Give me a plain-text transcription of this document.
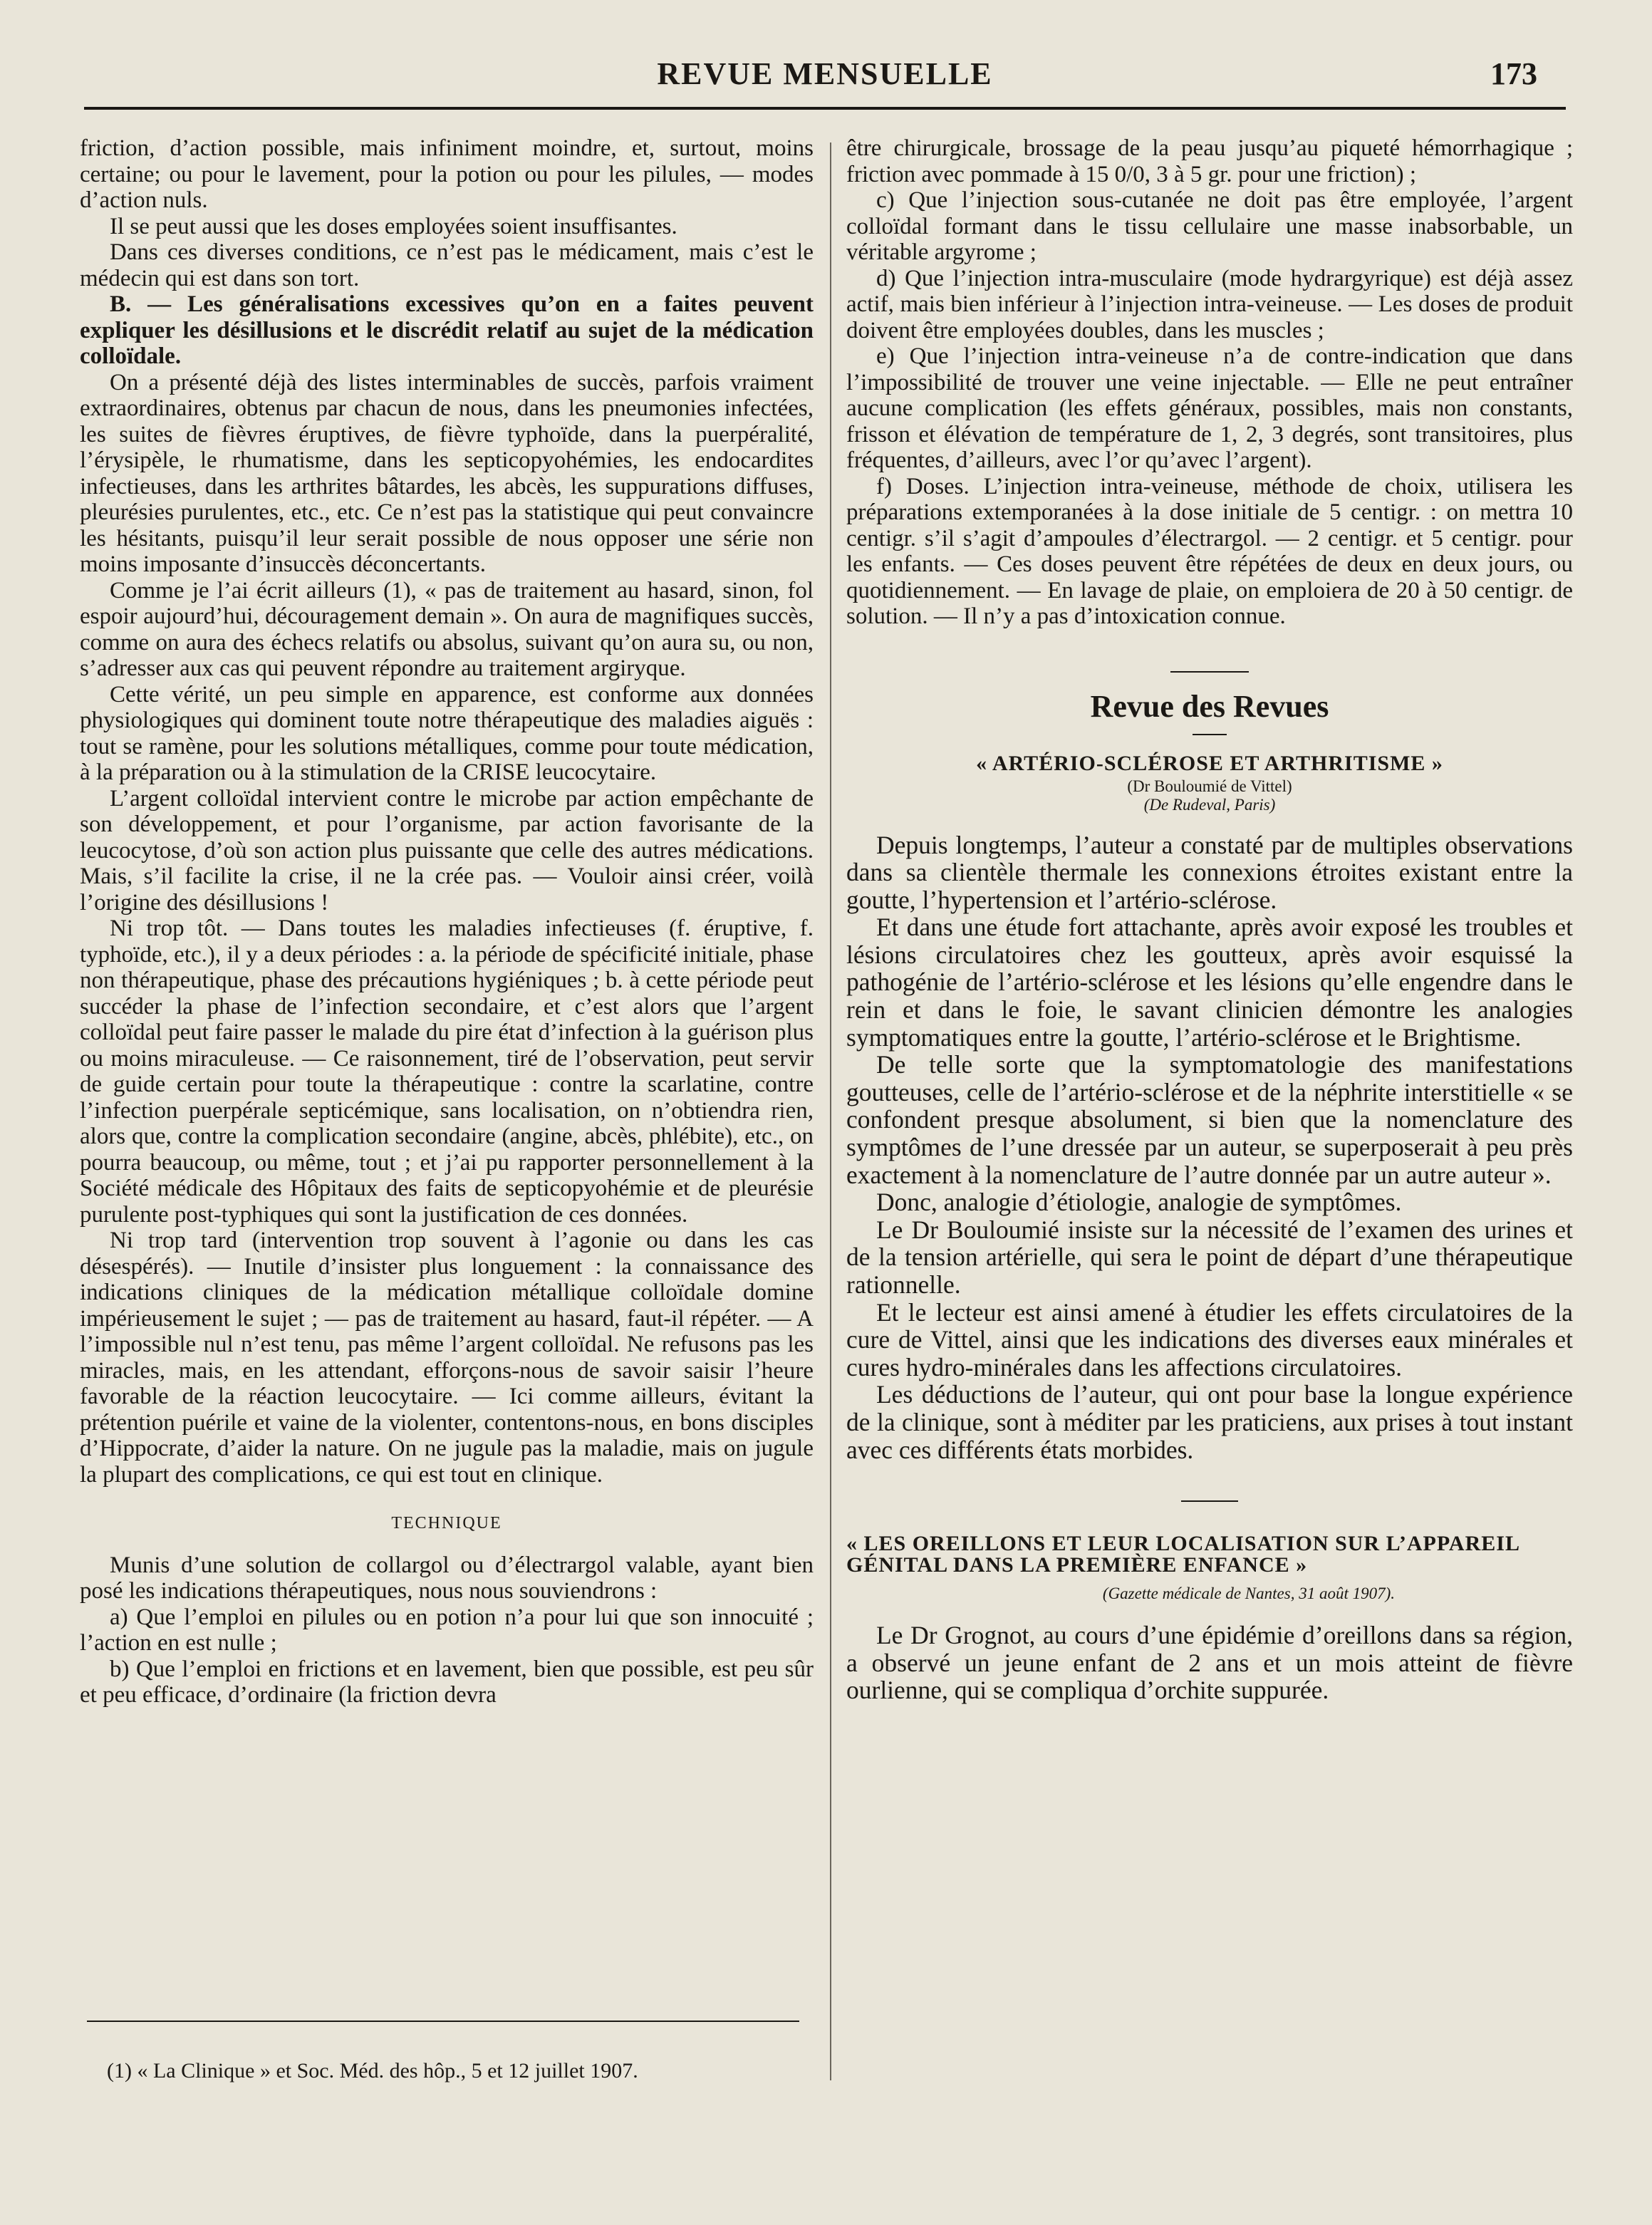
REVUE MENSUELLE	173

friction, d’action possible, mais infiniment moindre, et, surtout, moins certaine; ou pour le lavement, pour la potion ou pour les pilules, — modes d’action nuls.

Il se peut aussi que les doses employées soient insuffisantes.

Dans ces diverses conditions, ce n’est pas le médicament, mais c’est le médecin qui est dans son tort.

B. — Les généralisations excessives qu’on en a faites peuvent expliquer les désillusions et le discrédit relatif au sujet de la médication colloïdale.

On a présenté déjà des listes interminables de succès, parfois vraiment extraordinaires, obtenus par chacun de nous, dans les pneumonies infectées, les suites de fièvres éruptives, de fièvre typhoïde, dans la puerpéralité, l’érysipèle, le rhumatisme, dans les septicopyohémies, les endocardites infectieuses, dans les arthrites bâtardes, les abcès, les suppurations diffuses, pleurésies purulentes, etc., etc. Ce n’est pas la statistique qui peut convaincre les hésitants, puisqu’il leur serait possible de nous opposer une série non moins imposante d’insuccès déconcertants.

Comme je l’ai écrit ailleurs (1), « pas de traitement au hasard, sinon, fol espoir aujourd’hui, découragement demain ». On aura de magnifiques succès, comme on aura des échecs relatifs ou absolus, suivant qu’on aura su, ou non, s’adresser aux cas qui peuvent répondre au traitement argiryque.

Cette vérité, un peu simple en apparence, est conforme aux données physiologiques qui dominent toute notre thérapeutique des maladies aiguës : tout se ramène, pour les solutions métalliques, comme pour toute médication, à la préparation ou à la stimulation de la CRISE leucocytaire.

L’argent colloïdal intervient contre le microbe par action empêchante de son développement, et pour l’organisme, par action favorisante de la leucocytose, d’où son action plus puissante que celle des autres médications. Mais, s’il facilite la crise, il ne la crée pas. — Vouloir ainsi créer, voilà l’origine des désillusions !

Ni trop tôt. — Dans toutes les maladies infectieuses (f. éruptive, f. typhoïde, etc.), il y a deux périodes : a. la période de spécificité initiale, phase non thérapeutique, phase des précautions hygiéniques ; b. à cette période peut succéder la phase de l’infection secondaire, et c’est alors que l’argent colloïdal peut faire passer le malade du pire état d’infection à la guérison plus ou moins miraculeuse. — Ce raisonnement, tiré de l’observation, peut servir de guide certain pour toute la thérapeutique : contre la scarlatine, contre l’infection puerpérale septicémique, sans localisation, on n’obtiendra rien, alors que, contre la complication secondaire (angine, abcès, phlébite), etc., on pourra beaucoup, ou même, tout ; et j’ai pu rapporter personnellement à la Société médicale des Hôpitaux des faits de septicopyohémie et de pleurésie purulente post-typhiques qui sont la justification de ces données.

Ni trop tard (intervention trop souvent à l’agonie ou dans les cas désespérés). — Inutile d’insister plus longuement : la connaissance des indications cliniques de la médication métallique colloïdale domine impérieusement le sujet ; — pas de traitement au hasard, faut-il répéter. — A l’impossible nul n’est tenu, pas même l’argent colloïdal. Ne refusons pas les miracles, mais, en les attendant, efforçons-nous de savoir saisir l’heure favorable de la réaction leucocytaire. — Ici comme ailleurs, évitant la prétention puérile et vaine de la violenter, contentons-nous, en bons disciples d’Hippocrate, d’aider la nature. On ne jugule pas la maladie, mais on jugule la plupart des complications, ce qui est tout en clinique.

TECHNIQUE

Munis d’une solution de collargol ou d’électrargol valable, ayant bien posé les indications thérapeutiques, nous nous souviendrons :

a) Que l’emploi en pilules ou en potion n’a pour lui que son innocuité ; l’action en est nulle ;

b) Que l’emploi en frictions et en lavement, bien que possible, est peu sûr et peu efficace, d’ordinaire (la friction devra

(1) « La Clinique » et Soc. Méd. des hôp., 5 et 12 juillet 1907.

être chirurgicale, brossage de la peau jusqu’au piqueté hémorrhagique ; friction avec pommade à 15 0/0, 3 à 5 gr. pour une friction) ;

c) Que l’injection sous-cutanée ne doit pas être employée, l’argent colloïdal formant dans le tissu cellulaire une masse inabsorbable, un véritable argyrome ;

d) Que l’injection intra-musculaire (mode hydrargyrique) est déjà assez actif, mais bien inférieur à l’injection intra-veineuse. — Les doses de produit doivent être employées doubles, dans les muscles ;

e) Que l’injection intra-veineuse n’a de contre-indication que dans l’impossibilité de trouver une veine injectable. — Elle ne peut entraîner aucune complication (les effets généraux, possibles, mais non constants, frisson et élévation de température de 1, 2, 3 degrés, sont transitoires, plus fréquentes, d’ailleurs, avec l’or qu’avec l’argent).

f) Doses. L’injection intra-veineuse, méthode de choix, utilisera les préparations extemporanées à la dose initiale de 5 centigr. : on mettra 10 centigr. s’il s’agit d’ampoules d’électrargol. — 2 centigr. et 5 centigr. pour les enfants. — Ces doses peuvent être répétées de deux en deux jours, ou quotidiennement. — En lavage de plaie, on emploiera de 20 à 50 centigr. de solution. — Il n’y a pas d’intoxication connue.

Revue des Revues

« ARTÉRIO-SCLÉROSE ET ARTHRITISME »

(Dr Bouloumié de Vittel)

(De Rudeval, Paris)

Depuis longtemps, l’auteur a constaté par de multiples observations dans sa clientèle thermale les connexions étroites existant entre la goutte, l’hypertension et l’artério-sclérose.

Et dans une étude fort attachante, après avoir exposé les troubles et lésions circulatoires chez les goutteux, après avoir esquissé la pathogénie de l’artério-sclérose et les lésions qu’elle engendre dans le rein et dans le foie, le savant clinicien démontre les analogies symptomatiques entre la goutte, l’artério-sclérose et le Brightisme.

De telle sorte que la symptomatologie des manifestations goutteuses, celle de l’artério-sclérose et de la néphrite interstitielle « se confondent presque absolument, si bien que la nomenclature des symptômes de l’une dressée par un auteur, se superposerait à peu près exactement à la nomenclature de l’autre donnée par un autre auteur ».

Donc, analogie d’étiologie, analogie de symptômes.

Le Dr Bouloumié insiste sur la nécessité de l’examen des urines et de la tension artérielle, qui sera le point de départ d’une thérapeutique rationnelle.

Et le lecteur est ainsi amené à étudier les effets circulatoires de la cure de Vittel, ainsi que les indications des diverses eaux minérales et cures hydro-minérales dans les affections circulatoires.

Les déductions de l’auteur, qui ont pour base la longue expérience de la clinique, sont à méditer par les praticiens, aux prises à tout instant avec ces différents états morbides.

« LES OREILLONS ET LEUR LOCALISATION SUR L’APPAREIL GÉNITAL DANS LA PREMIÈRE ENFANCE »

(Gazette médicale de Nantes, 31 août 1907).

Le Dr Grognot, au cours d’une épidémie d’oreillons dans sa région, a observé un jeune enfant de 2 ans et un mois atteint de fièvre ourlienne, qui se compliqua d’orchite suppurée.
